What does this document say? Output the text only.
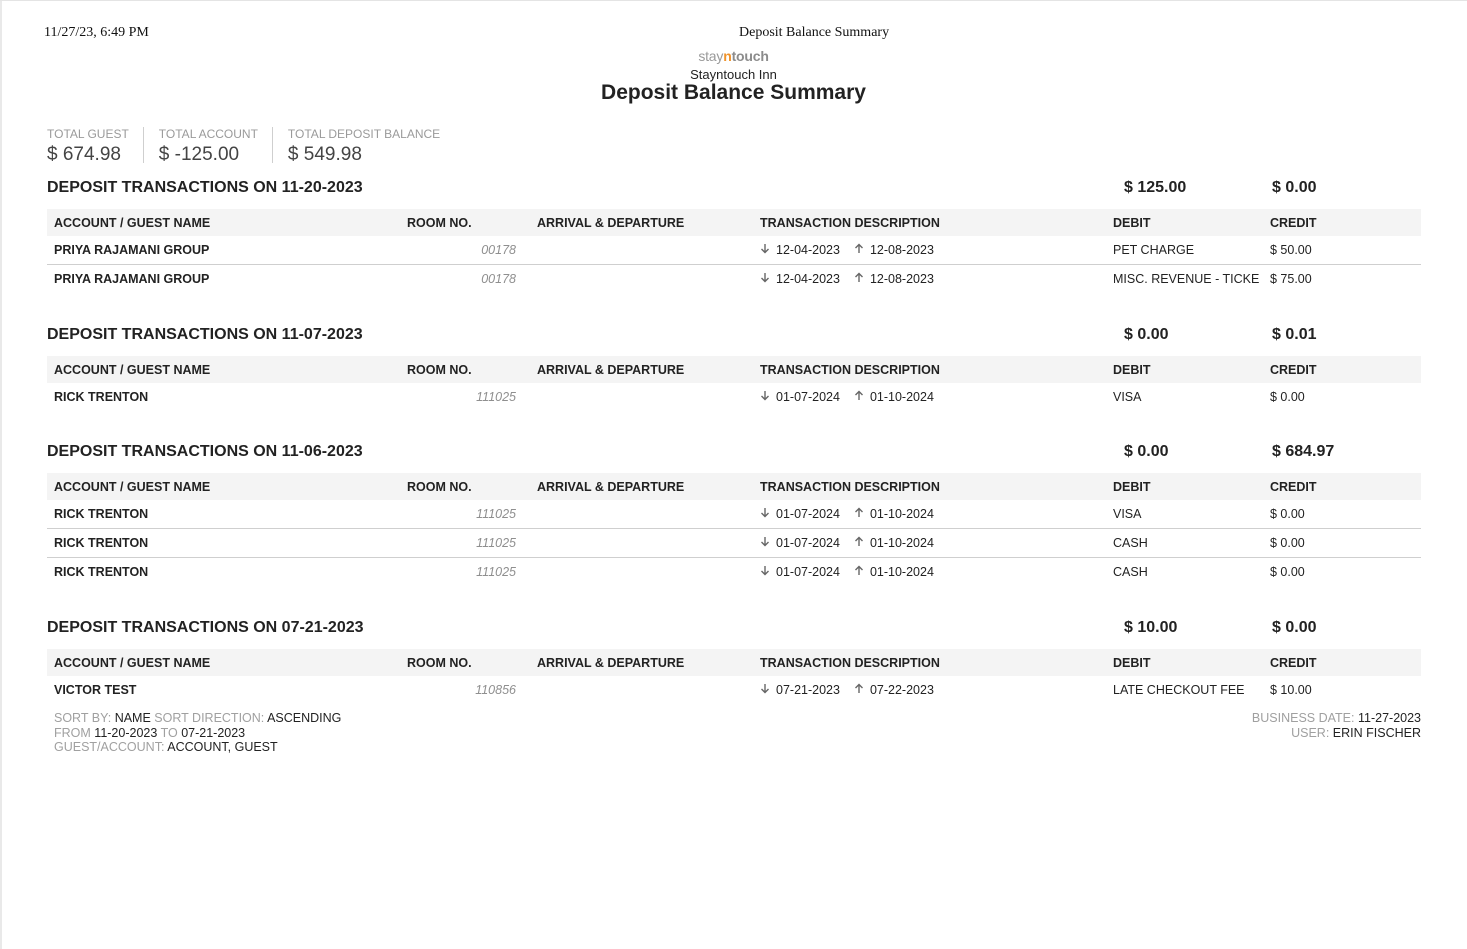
11/27/23, 6:49 PM	Deposit Balance Summary
stayntouch
Stayntouch Inn
Deposit Balance Summary
TOTAL GUEST
$ 674.98
TOTAL ACCOUNT
$ -125.00
TOTAL DEPOSIT BALANCE
$ 549.98
DEPOSIT TRANSACTIONS ON 11-20-2023	$ 125.00	$ 0.00
ACCOUNT / GUEST NAME	ROOM NO.	ARRIVAL & DEPARTURE	TRANSACTION DESCRIPTION	DEBIT	CREDIT	
PRIYA RAJAMANI GROUP	00178		12-04-2023 12-08-2023	PET CHARGE	$ 50.00	
PRIYA RAJAMANI GROUP	00178		12-04-2023 12-08-2023	MISC. REVENUE - TICKE	$ 75.00	
DEPOSIT TRANSACTIONS ON 11-07-2023	$ 0.00	$ 0.01
ACCOUNT / GUEST NAME	ROOM NO.	ARRIVAL & DEPARTURE	TRANSACTION DESCRIPTION	DEBIT	CREDIT	
RICK TRENTON	111025		01-07-2024 01-10-2024	VISA	$ 0.00	
DEPOSIT TRANSACTIONS ON 11-06-2023	$ 0.00	$ 684.97
ACCOUNT / GUEST NAME	ROOM NO.	ARRIVAL & DEPARTURE	TRANSACTION DESCRIPTION	DEBIT	CREDIT	
RICK TRENTON	111025		01-07-2024 01-10-2024	VISA	$ 0.00	
RICK TRENTON	111025		01-07-2024 01-10-2024	CASH	$ 0.00	
RICK TRENTON	111025		01-07-2024 01-10-2024	CASH	$ 0.00	
DEPOSIT TRANSACTIONS ON 07-21-2023	$ 10.00	$ 0.00
ACCOUNT / GUEST NAME	ROOM NO.	ARRIVAL & DEPARTURE	TRANSACTION DESCRIPTION	DEBIT	CREDIT	
VICTOR TEST	110856		07-21-2023 07-22-2023	LATE CHECKOUT FEE	$ 10.00	
SORT BY: NAME SORT DIRECTION: ASCENDING
FROM 11-20-2023 TO 07-21-2023
GUEST/ACCOUNT: ACCOUNT, GUEST
BUSINESS DATE: 11-27-2023
USER: ERIN FISCHER
